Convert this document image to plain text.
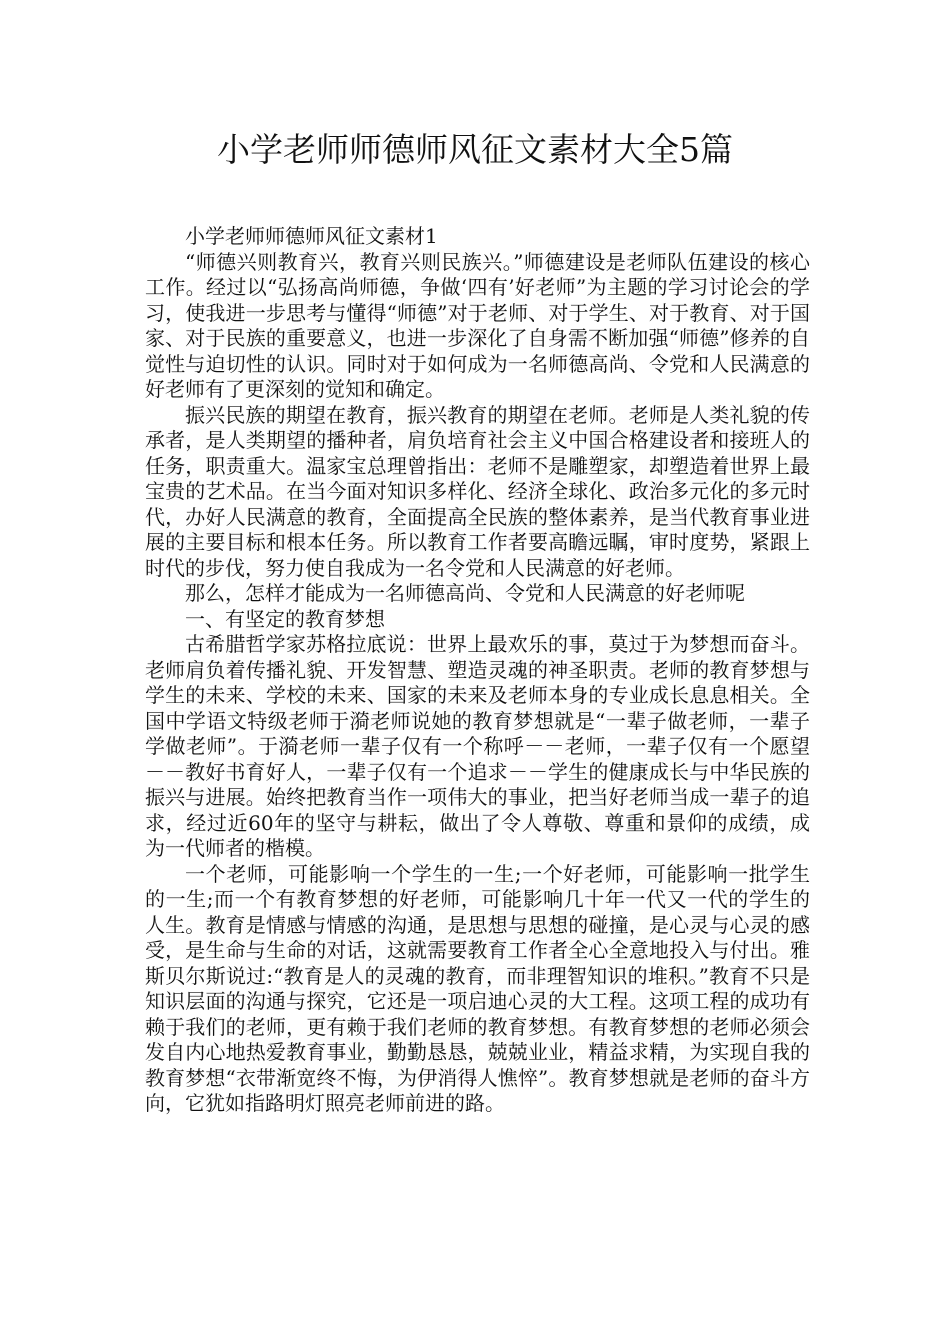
小学老师师德师风征文素材大全5篇

小学老师师德师风征文素材1

“师德兴则教育兴，教育兴则民族兴。”师德建设是老师队伍建设的核心工作。经过以“弘扬高尚师德，争做‘四有’好老师”为主题的学习讨论会的学习，使我进一步思考与懂得“师德”对于老师、对于学生、对于教育、对于国家、对于民族的重要意义，也进一步深化了自身需不断加强“师德”修养的自觉性与迫切性的认识。同时对于如何成为一名师德高尚、令党和人民满意的好老师有了更深刻的觉知和确定。

振兴民族的期望在教育，振兴教育的期望在老师。老师是人类礼貌的传承者，是人类期望的播种者，肩负培育社会主义中国合格建设者和接班人的任务，职责重大。温家宝总理曾指出：老师不是雕塑家，却塑造着世界上最宝贵的艺术品。在当今面对知识多样化、经济全球化、政治多元化的多元时代，办好人民满意的教育，全面提高全民族的整体素养，是当代教育事业进展的主要目标和根本任务。所以教育工作者要高瞻远瞩，审时度势，紧跟上时代的步伐，努力使自我成为一名令党和人民满意的好老师。

那么，怎样才能成为一名师德高尚、令党和人民满意的好老师呢

一、有坚定的教育梦想

古希腊哲学家苏格拉底说：世界上最欢乐的事，莫过于为梦想而奋斗。老师肩负着传播礼貌、开发智慧、塑造灵魂的神圣职责。老师的教育梦想与学生的未来、学校的未来、国家的未来及老师本身的专业成长息息相关。全国中学语文特级老师于漪老师说她的教育梦想就是“一辈子做老师，一辈子学做老师”。于漪老师一辈子仅有一个称呼－－老师，一辈子仅有一个愿望－－教好书育好人，一辈子仅有一个追求－－学生的健康成长与中华民族的振兴与进展。始终把教育当作一项伟大的事业，把当好老师当成一辈子的追求，经过近60年的坚守与耕耘，做出了令人尊敬、尊重和景仰的成绩，成为一代师者的楷模。

一个老师，可能影响一个学生的一生;一个好老师，可能影响一批学生的一生;而一个有教育梦想的好老师，可能影响几十年一代又一代的学生的人生。教育是情感与情感的沟通，是思想与思想的碰撞，是心灵与心灵的感受，是生命与生命的对话，这就需要教育工作者全心全意地投入与付出。雅斯贝尔斯说过:“教育是人的灵魂的教育，而非理智知识的堆积。”教育不只是知识层面的沟通与探究，它还是一项启迪心灵的大工程。这项工程的成功有赖于我们的老师，更有赖于我们老师的教育梦想。有教育梦想的老师必须会发自内心地热爱教育事业，勤勤恳恳，兢兢业业，精益求精，为实现自我的教育梦想“衣带渐宽终不悔，为伊消得人憔悴”。教育梦想就是老师的奋斗方向，它犹如指路明灯照亮老师前进的路。
